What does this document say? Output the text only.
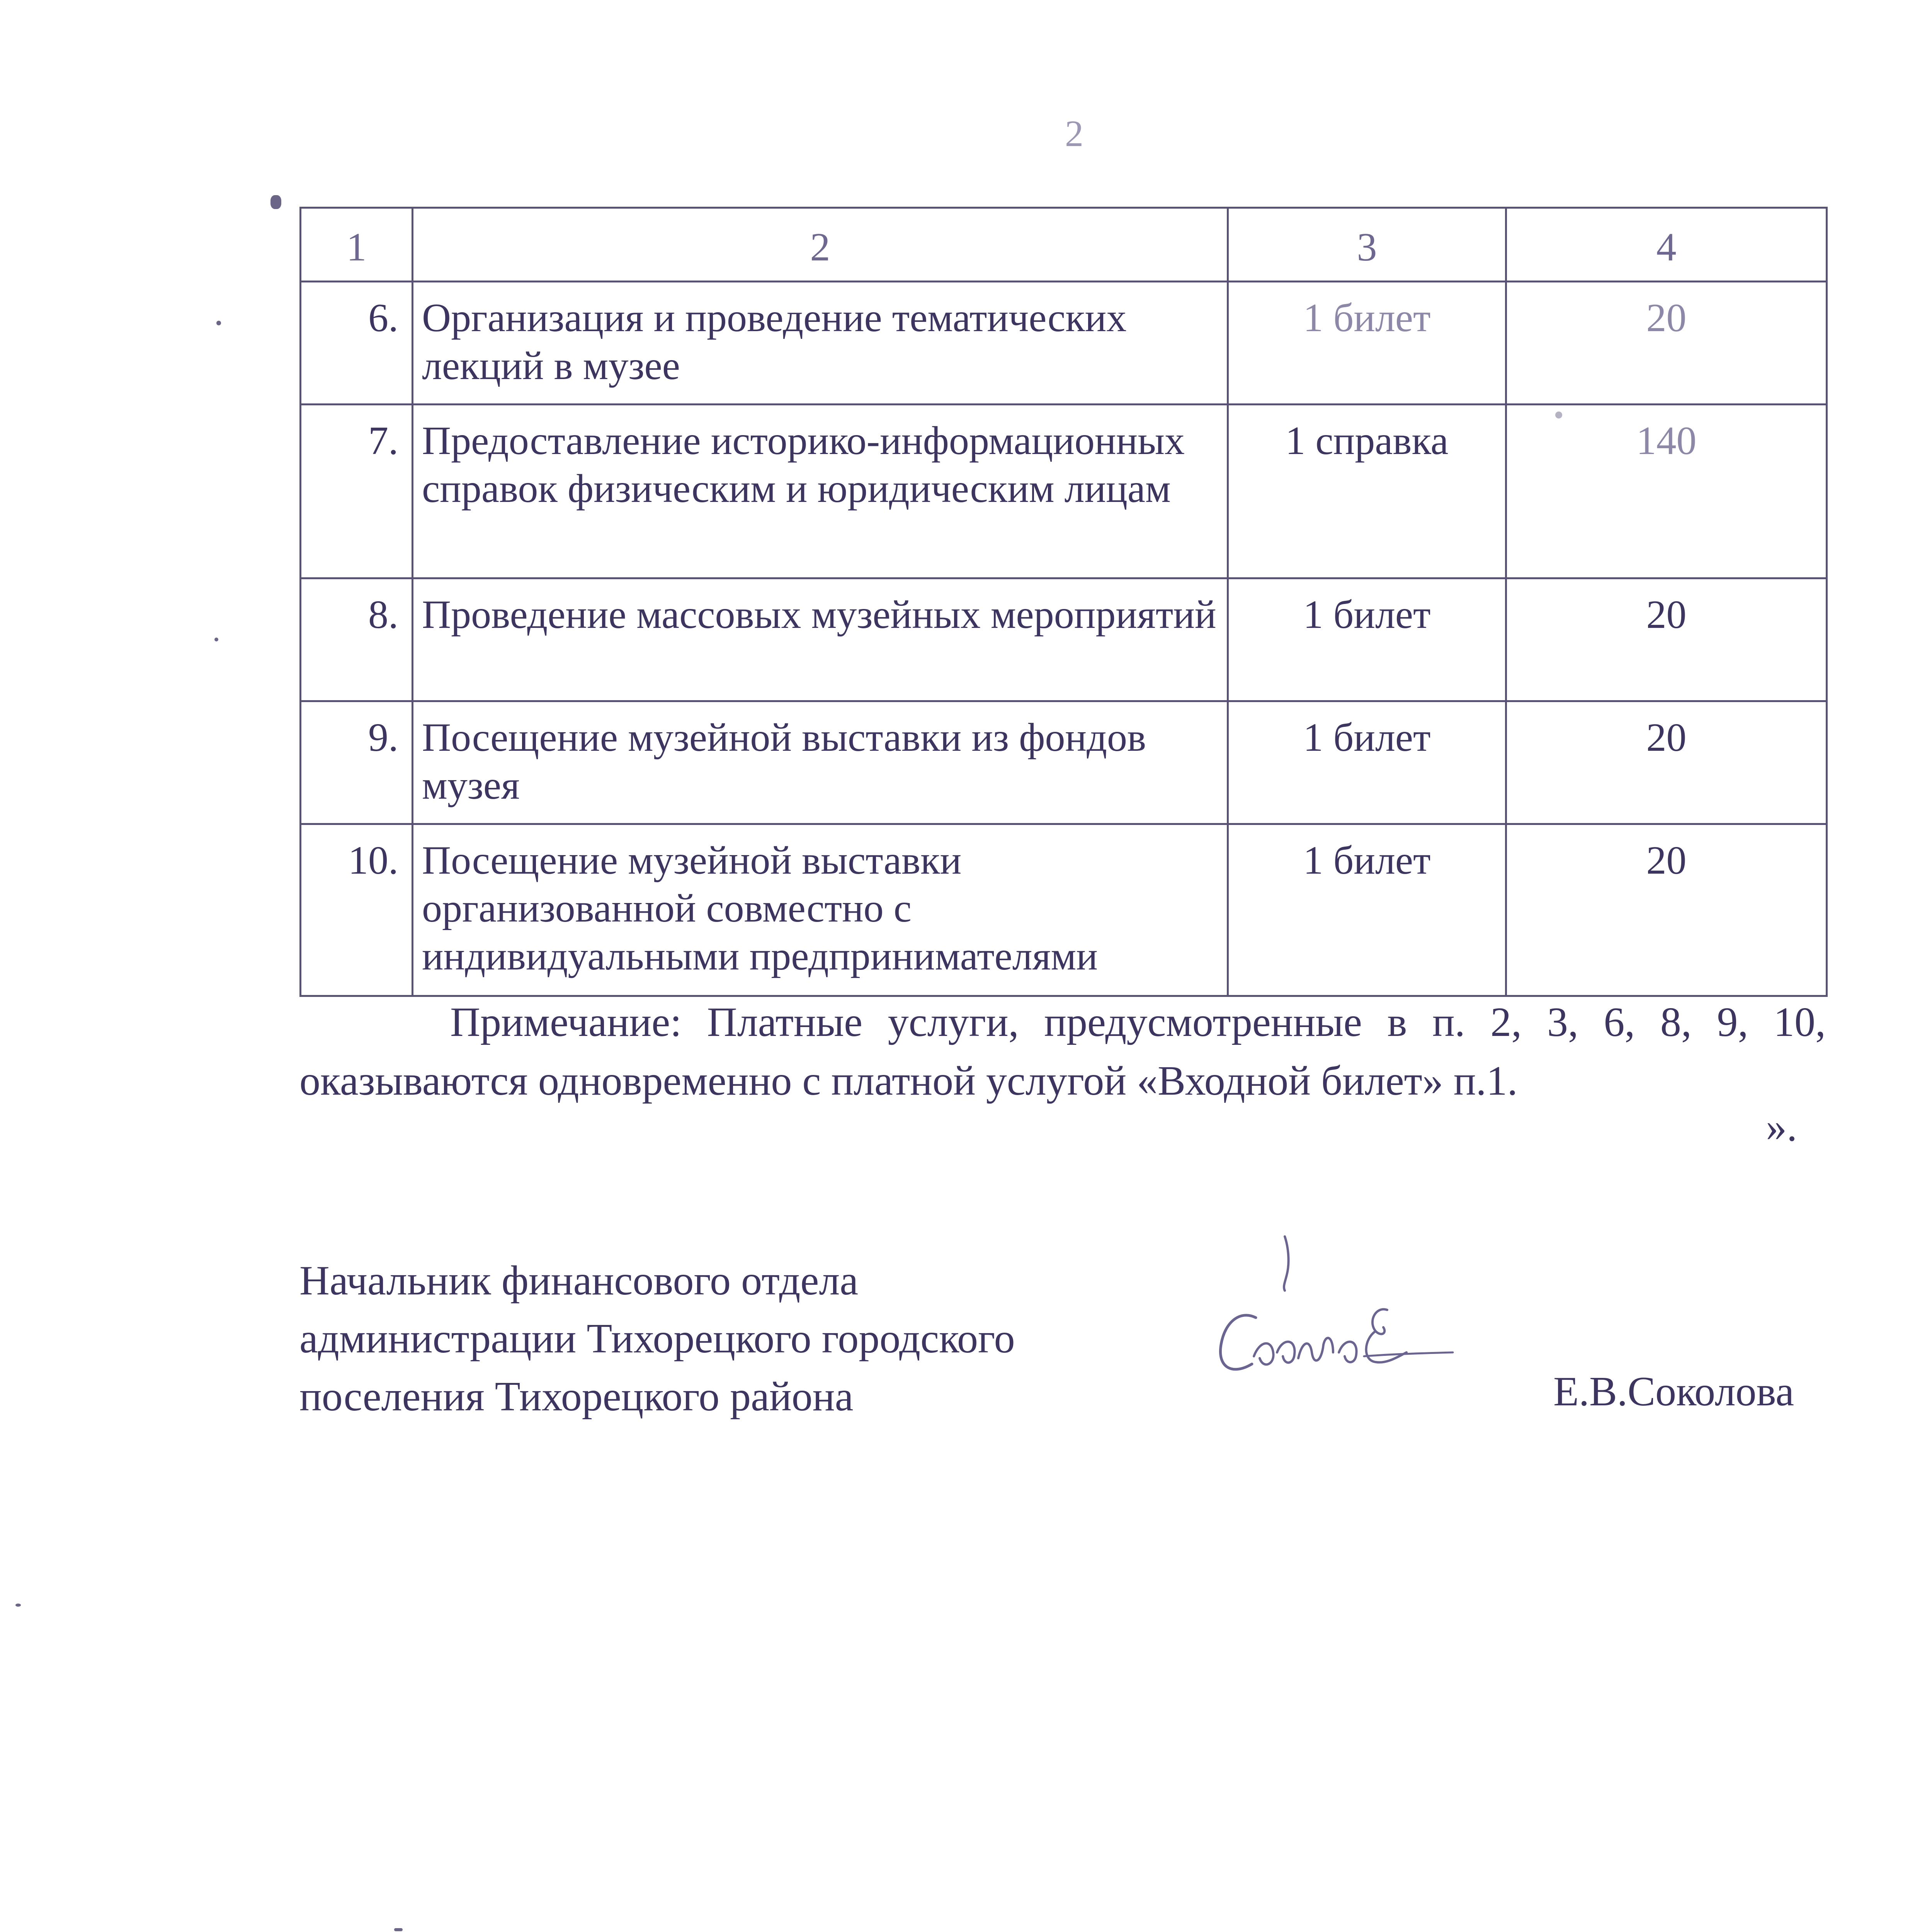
2
1	2	3	4
6.	Организация и проведение тематических лекций в музее	1 билет	20
7.	Предоставление историко-информационных справок физическим и юридическим лицам	1 справка	140
8.	Проведение массовых музейных мероприятий	1 билет	20
9.	Посещение музейной выставки из фондов музея	1 билет	20
10.	Посещение музейной выставки организованной совместно с индивидуальными предпринимателями	1 билет	20

Примечание: Платные услуги, предусмотренные в п. 2, 3, 6, 8, 9, 10, оказываются одновременно с платной услугой «Входной билет» п.1.

».
Начальник финансового отдела
администрации Тихорецкого городского
поселения Тихорецкого района	Е.В.Соколова
